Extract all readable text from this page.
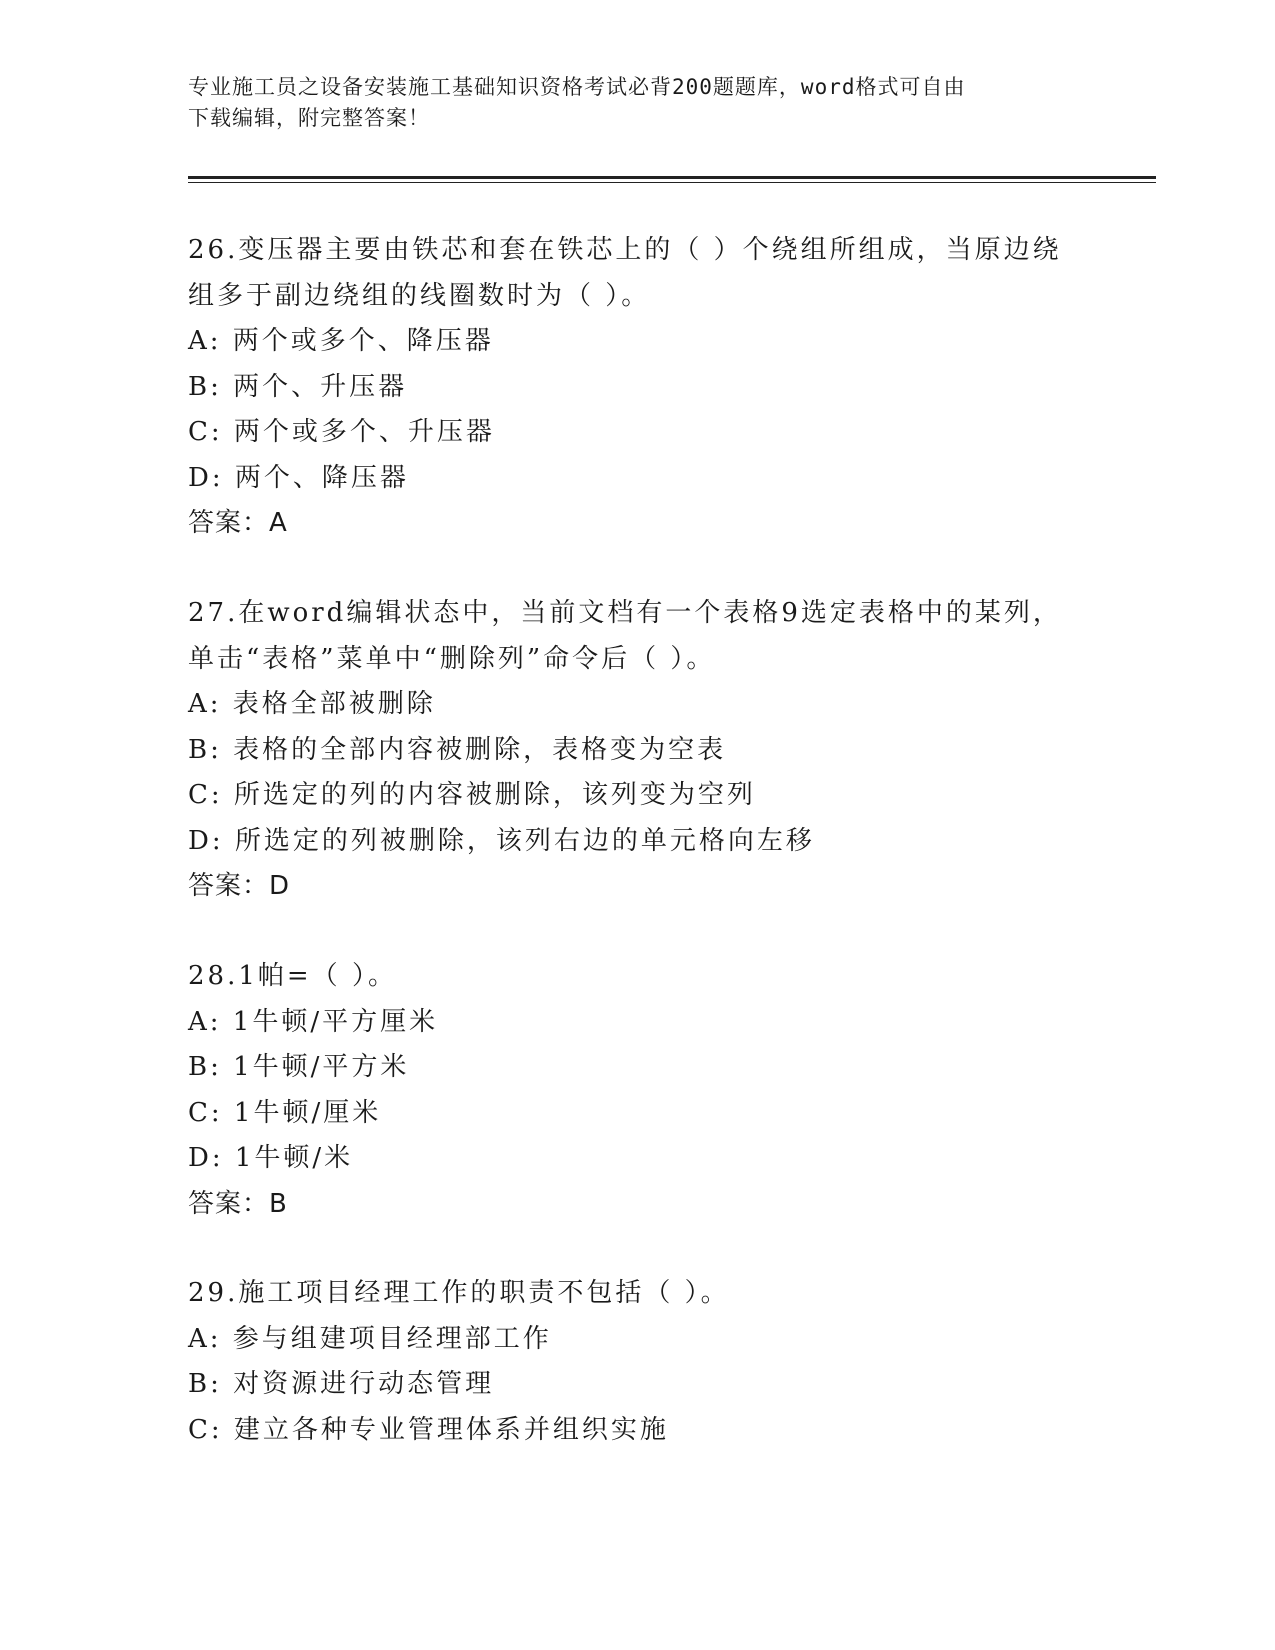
专业施工员之设备安装施工基础知识资格考试必背200题题库，word格式可自由
下载编辑，附完整答案！

26.变压器主要由铁芯和套在铁芯上的（ ）个绕组所组成，当原边绕

组多于副边绕组的线圈数时为（ ）。

A: 两个或多个、降压器

B: 两个、升压器

C: 两个或多个、升压器

D: 两个、降压器

答案：A

27.在word编辑状态中，当前文档有一个表格9选定表格中的某列，

单击“表格”菜单中“删除列”命令后（ ）。

A: 表格全部被删除

B: 表格的全部内容被删除，表格变为空表

C: 所选定的列的内容被删除，该列变为空列

D: 所选定的列被删除，该列右边的单元格向左移

答案：D

28.1帕=（ ）。

A: 1牛顿/平方厘米

B: 1牛顿/平方米

C: 1牛顿/厘米

D: 1牛顿/米

答案：B

29.施工项目经理工作的职责不包括（ ）。

A: 参与组建项目经理部工作

B: 对资源进行动态管理

C: 建立各种专业管理体系并组织实施
